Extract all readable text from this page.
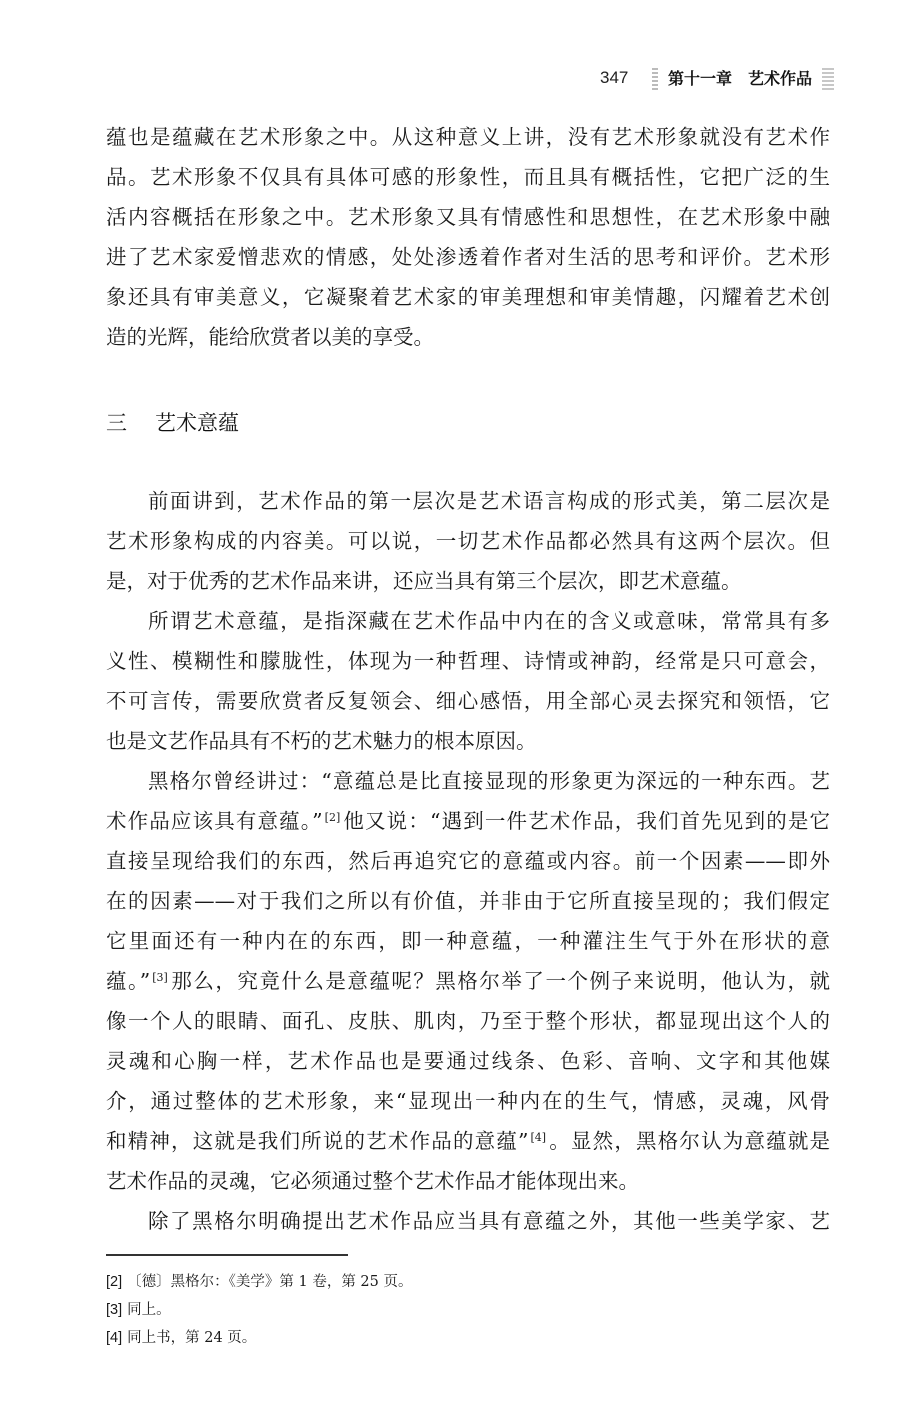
347 第十一章　艺术作品
蕴也是蕴藏在艺术形象之中。从这种意义上讲，没有艺术形象就没有艺术作
品。艺术形象不仅具有具体可感的形象性，而且具有概括性，它把广泛的生
活内容概括在形象之中。艺术形象又具有情感性和思想性，在艺术形象中融
进了艺术家爱憎悲欢的情感，处处渗透着作者对生活的思考和评价。艺术形
象还具有审美意义，它凝聚着艺术家的审美理想和审美情趣，闪耀着艺术创
造的光辉，能给欣赏者以美的享受。
三 艺术意蕴
前面讲到，艺术作品的第一层次是艺术语言构成的形式美，第二层次是
艺术形象构成的内容美。可以说，一切艺术作品都必然具有这两个层次。但
是，对于优秀的艺术作品来讲，还应当具有第三个层次，即艺术意蕴。
所谓艺术意蕴，是指深藏在艺术作品中内在的含义或意味，常常具有多
义性、模糊性和朦胧性，体现为一种哲理、诗情或神韵，经常是只可意会，
不可言传，需要欣赏者反复领会、细心感悟，用全部心灵去探究和领悟，它
也是文艺作品具有不朽的艺术魅力的根本原因。
黑格尔曾经讲过：“意蕴总是比直接显现的形象更为深远的一种东西。艺
术作品应该具有意蕴。” [2]他又说：“遇到一件艺术作品，我们首先见到的是它
直接呈现给我们的东西，然后再追究它的意蕴或内容。前一个因素——即外
在的因素——对于我们之所以有价值，并非由于它所直接呈现的；我们假定
它里面还有一种内在的东西，即一种意蕴，一种灌注生气于外在形状的意
蕴。” [3]那么，究竟什么是意蕴呢？黑格尔举了一个例子来说明，他认为，就
像一个人的眼睛、面孔、皮肤、肌肉，乃至于整个形状，都显现出这个人的
灵魂和心胸一样，艺术作品也是要通过线条、色彩、音响、文字和其他媒
介，通过整体的艺术形象，来“显现出一种内在的生气，情感，灵魂，风骨
和精神，这就是我们所说的艺术作品的意蕴” [4]。显然，黑格尔认为意蕴就是
艺术作品的灵魂，它必须通过整个艺术作品才能体现出来。
除了黑格尔明确提出艺术作品应当具有意蕴之外，其他一些美学家、艺
[2] 〔德〕黑格尔：《美学》第 1 卷，第 25 页。
[3] 同上。
[4] 同上书，第 24 页。
